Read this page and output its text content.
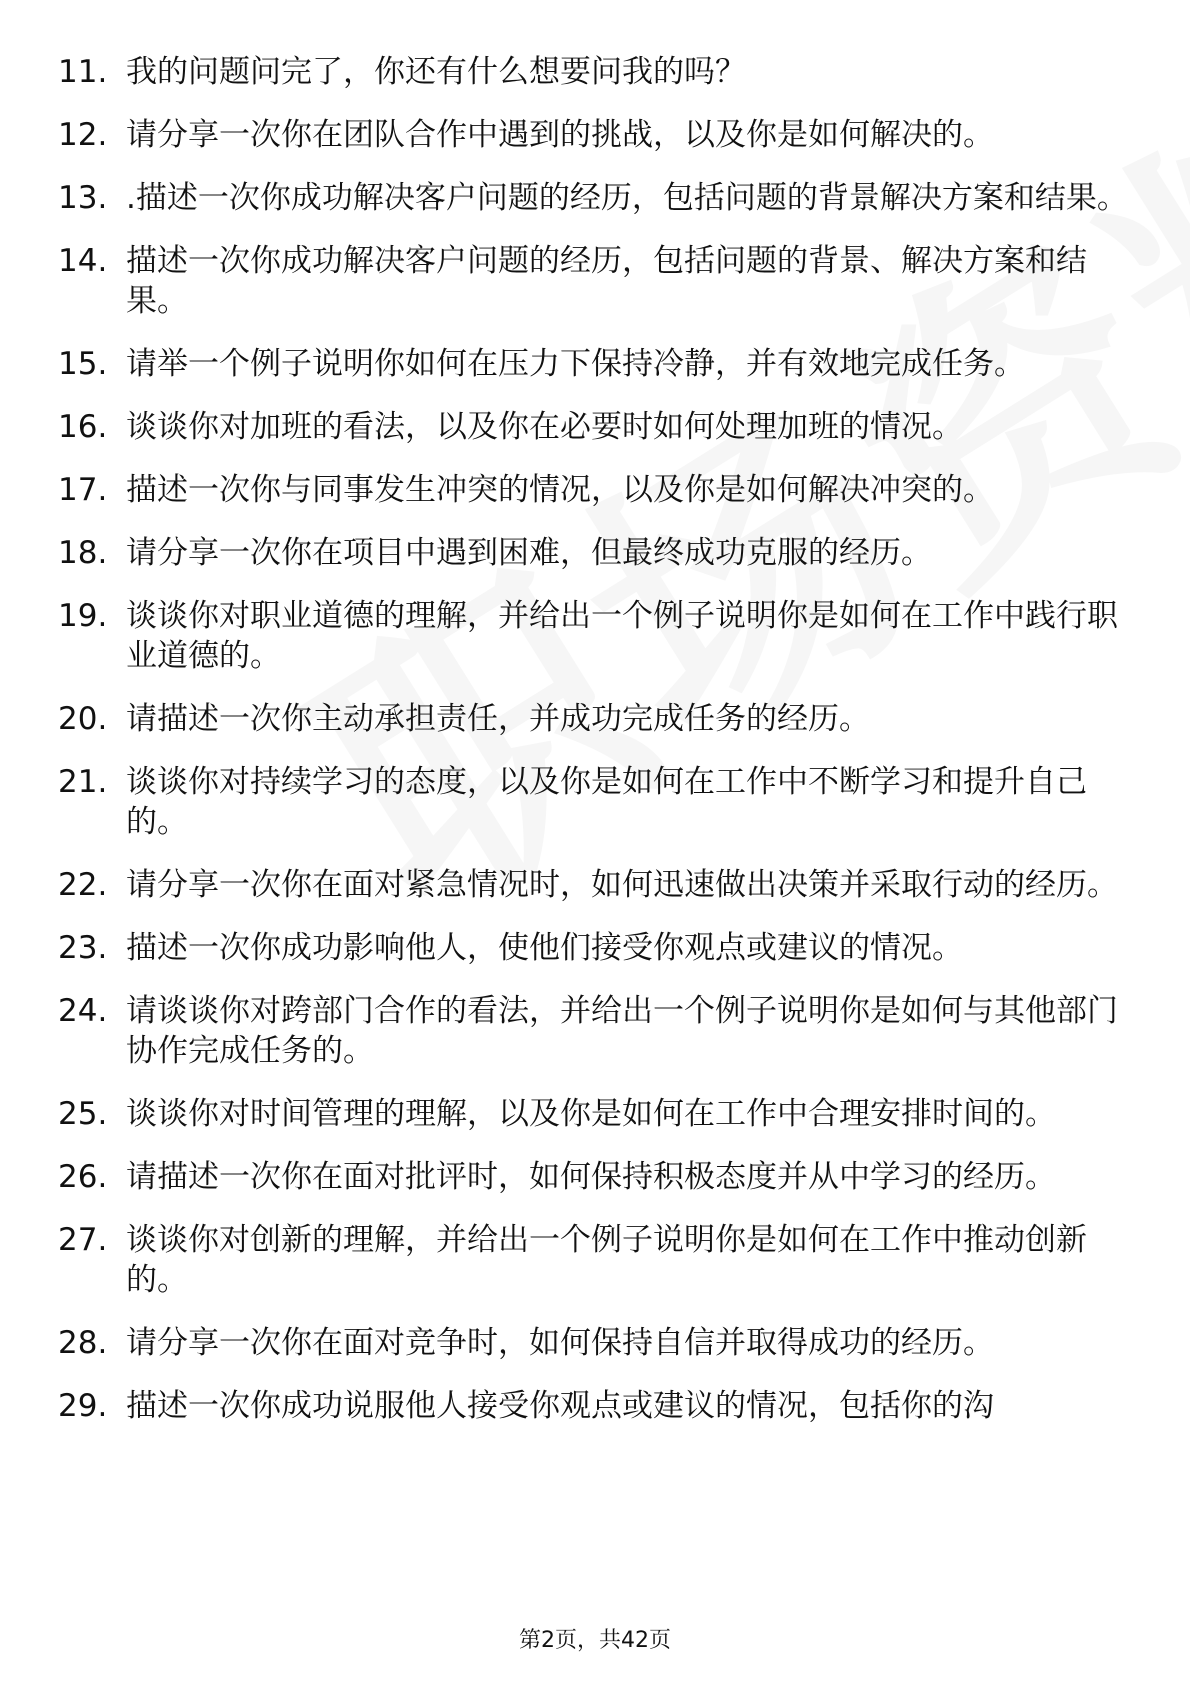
11. 我的问题问完了，你还有什么想要问我的吗？
12. 请分享一次你在团队合作中遇到的挑战，以及你是如何解决的。
13. .描述一次你成功解决客户问题的经历，包括问题的背景解决方案和结果。
14. 描述一次你成功解决客户问题的经历，包括问题的背景、解决方案和结果。
15. 请举一个例子说明你如何在压力下保持冷静，并有效地完成任务。
16. 谈谈你对加班的看法，以及你在必要时如何处理加班的情况。
17. 描述一次你与同事发生冲突的情况，以及你是如何解决冲突的。
18. 请分享一次你在项目中遇到困难，但最终成功克服的经历。
19. 谈谈你对职业道德的理解，并给出一个例子说明你是如何在工作中践行职业道德的。
20. 请描述一次你主动承担责任，并成功完成任务的经历。
21. 谈谈你对持续学习的态度，以及你是如何在工作中不断学习和提升自己的。
22. 请分享一次你在面对紧急情况时，如何迅速做出决策并采取行动的经历。
23. 描述一次你成功影响他人，使他们接受你观点或建议的情况。
24. 请谈谈你对跨部门合作的看法，并给出一个例子说明你是如何与其他部门协作完成任务的。
25. 谈谈你对时间管理的理解，以及你是如何在工作中合理安排时间的。
26. 请描述一次你在面对批评时，如何保持积极态度并从中学习的经历。
27. 谈谈你对创新的理解，并给出一个例子说明你是如何在工作中推动创新的。
28. 请分享一次你在面对竞争时，如何保持自信并取得成功的经历。
29. 描述一次你成功说服他人接受你观点或建议的情况，包括你的沟
第2页，共42页
